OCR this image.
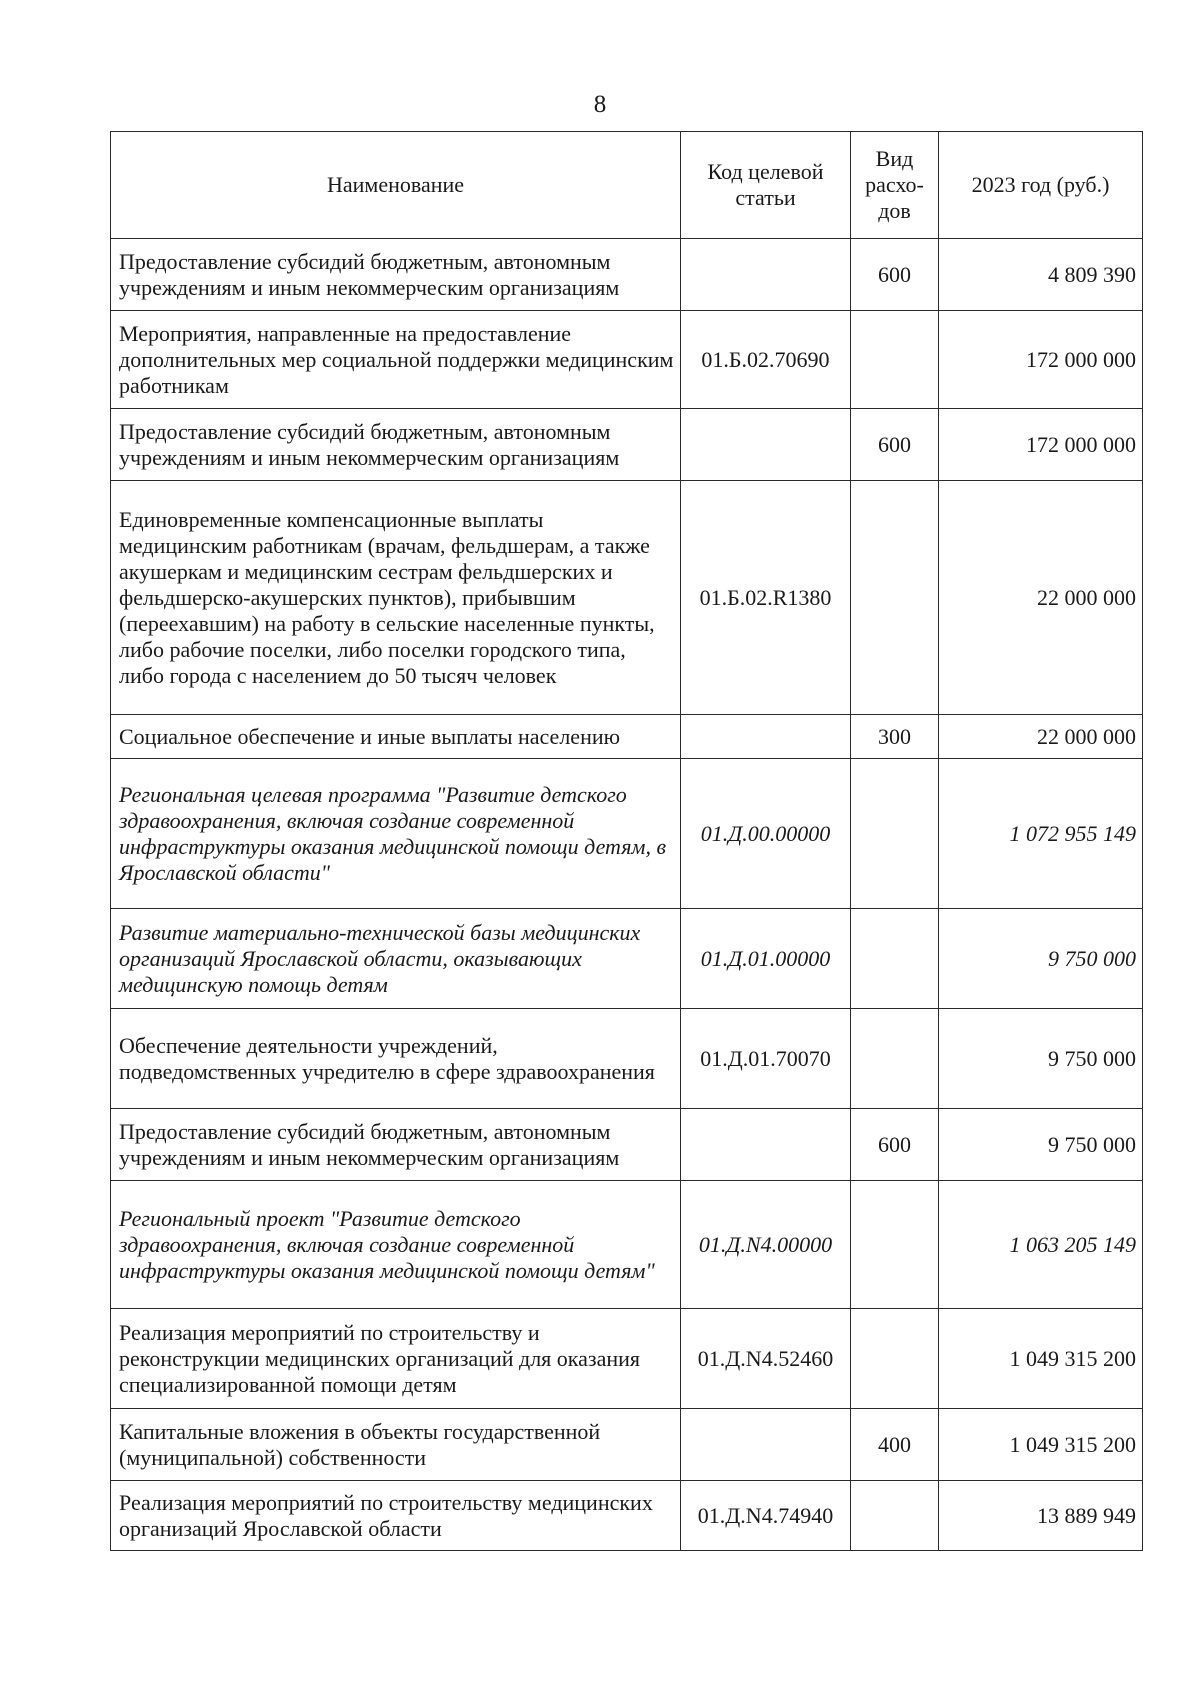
8
Наименование	Код целевой статьи	Вид расхо-дов	2023 год (руб.)
Предоставление субсидий бюджетным, автономным учреждениям и иным некоммерческим организациям		600	4 809 390
Мероприятия, направленные на предоставление дополнительных мер социальной поддержки медицинским работникам	01.Б.02.70690		172 000 000
Предоставление субсидий бюджетным, автономным учреждениям и иным некоммерческим организациям		600	172 000 000
Единовременные компенсационные выплаты медицинским работникам (врачам, фельдшерам, а также акушеркам и медицинским сестрам фельдшерских и фельдшерско-акушерских пунктов), прибывшим (переехавшим) на работу в сельские населенные пункты, либо рабочие поселки, либо поселки городского типа, либо города с населением до 50 тысяч человек	01.Б.02.R1380		22 000 000
Социальное обеспечение и иные выплаты населению		300	22 000 000
Региональная целевая программа "Развитие детского здравоохранения, включая создание современной инфраструктуры оказания медицинской помощи детям, в Ярославской области"	01.Д.00.00000		1 072 955 149
Развитие материально-технической базы медицинских организаций Ярославской области, оказывающих медицинскую помощь детям	01.Д.01.00000		9 750 000
Обеспечение деятельности учреждений, подведомственных учредителю в сфере здравоохранения	01.Д.01.70070		9 750 000
Предоставление субсидий бюджетным, автономным учреждениям и иным некоммерческим организациям		600	9 750 000
Региональный проект "Развитие детского здравоохранения, включая создание современной инфраструктуры оказания медицинской помощи детям"	01.Д.N4.00000		1 063 205 149
Реализация мероприятий по строительству и реконструкции медицинских организаций для оказания специализированной помощи детям	01.Д.N4.52460		1 049 315 200
Капитальные вложения в объекты государственной (муниципальной) собственности		400	1 049 315 200
Реализация мероприятий по строительству медицинских организаций Ярославской области	01.Д.N4.74940		13 889 949
